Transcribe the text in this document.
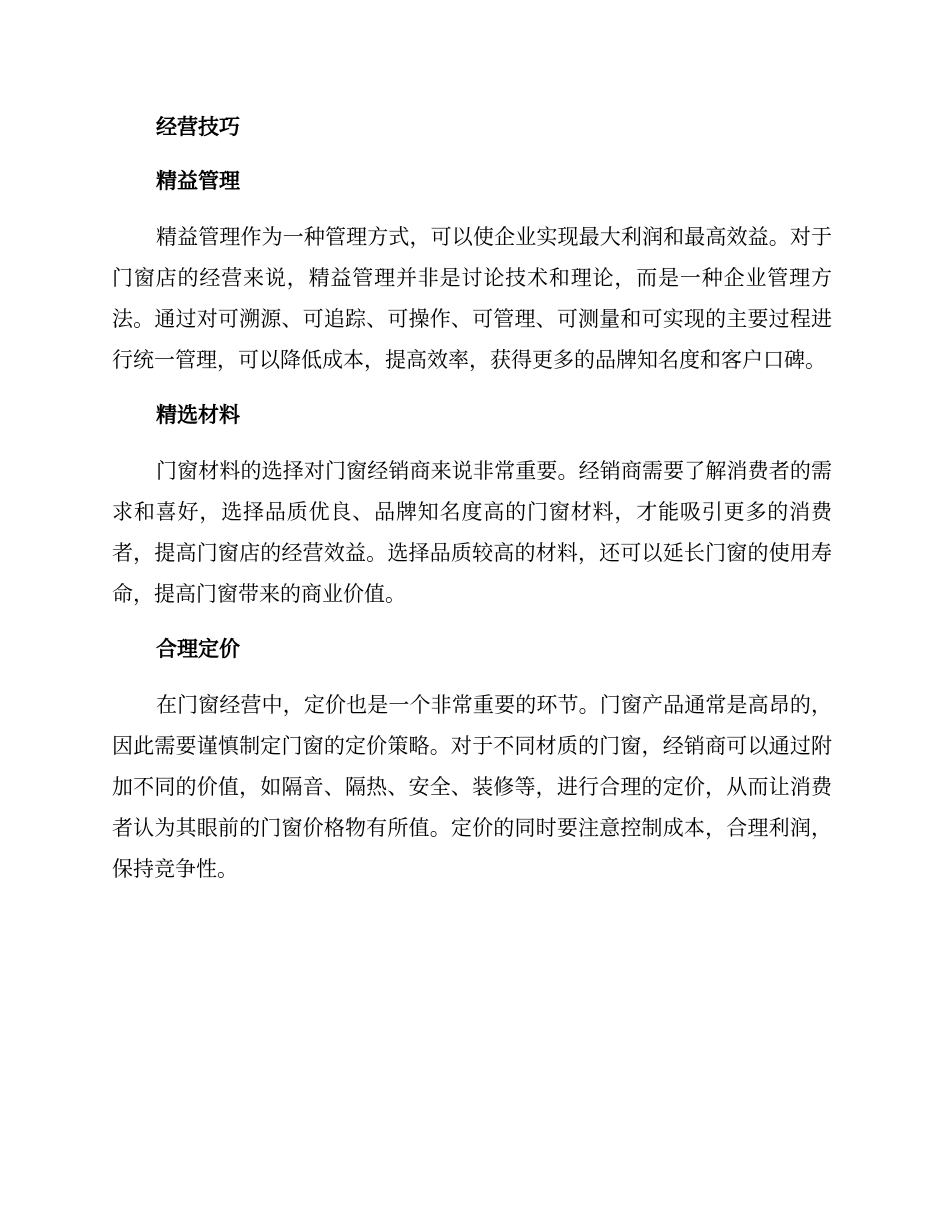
经营技巧
精益管理

精益管理作为一种管理方式，可以使企业实现最大利润和最高效益。对于门窗店的经营来说，精益管理并非是讨论技术和理论，而是一种企业管理方法。通过对可溯源、可追踪、可操作、可管理、可测量和可实现的主要过程进行统一管理，可以降低成本，提高效率，获得更多的品牌知名度和客户口碑。

精选材料

门窗材料的选择对门窗经销商来说非常重要。经销商需要了解消费者的需求和喜好，选择品质优良、品牌知名度高的门窗材料，才能吸引更多的消费者，提高门窗店的经营效益。选择品质较高的材料，还可以延长门窗的使用寿命，提高门窗带来的商业价值。

合理定价

在门窗经营中，定价也是一个非常重要的环节。门窗产品通常是高昂的，因此需要谨慎制定门窗的定价策略。对于不同材质的门窗，经销商可以通过附加不同的价值，如隔音、隔热、安全、装修等，进行合理的定价，从而让消费者认为其眼前的门窗价格物有所值。定价的同时要注意控制成本，合理利润，保持竞争性。
